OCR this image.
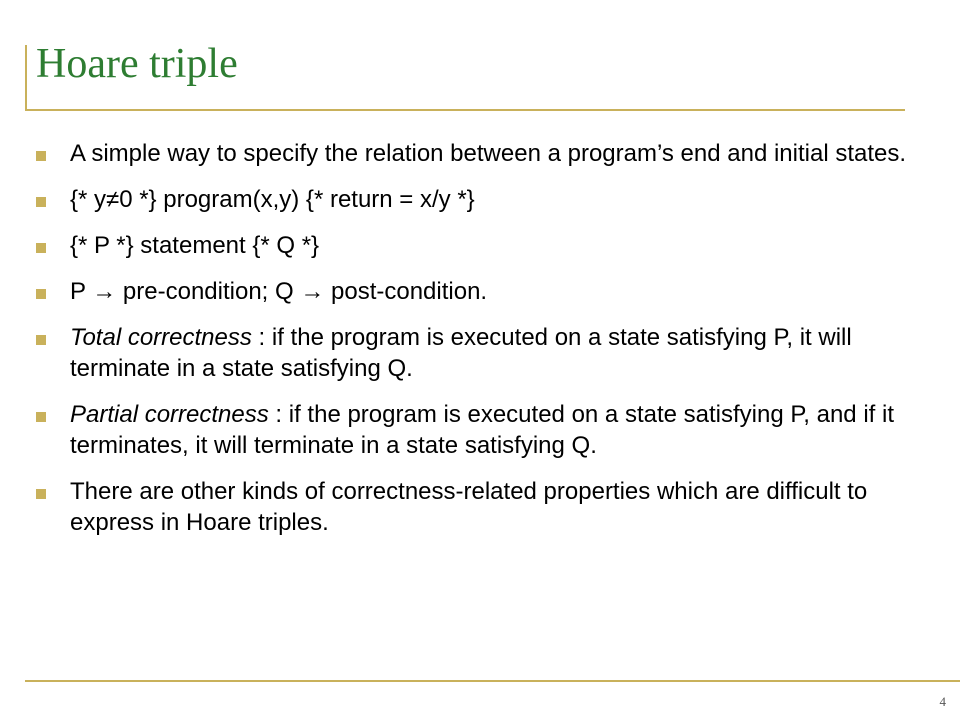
Hoare triple
A simple way to specify the relation between a program’s end and initial states.
{* y≠0 *} program(x,y) {* return = x/y *}
{* P *} statement {* Q *}
P → pre-condition; Q → post-condition.
Total correctness : if the program is executed on a state satisfying P, it will terminate in a state satisfying Q.
Partial correctness : if the program is executed on a state satisfying P, and if it terminates, it will terminate in a state satisfying Q.
There are other kinds of correctness-related properties which are difficult to express in Hoare triples.
4
